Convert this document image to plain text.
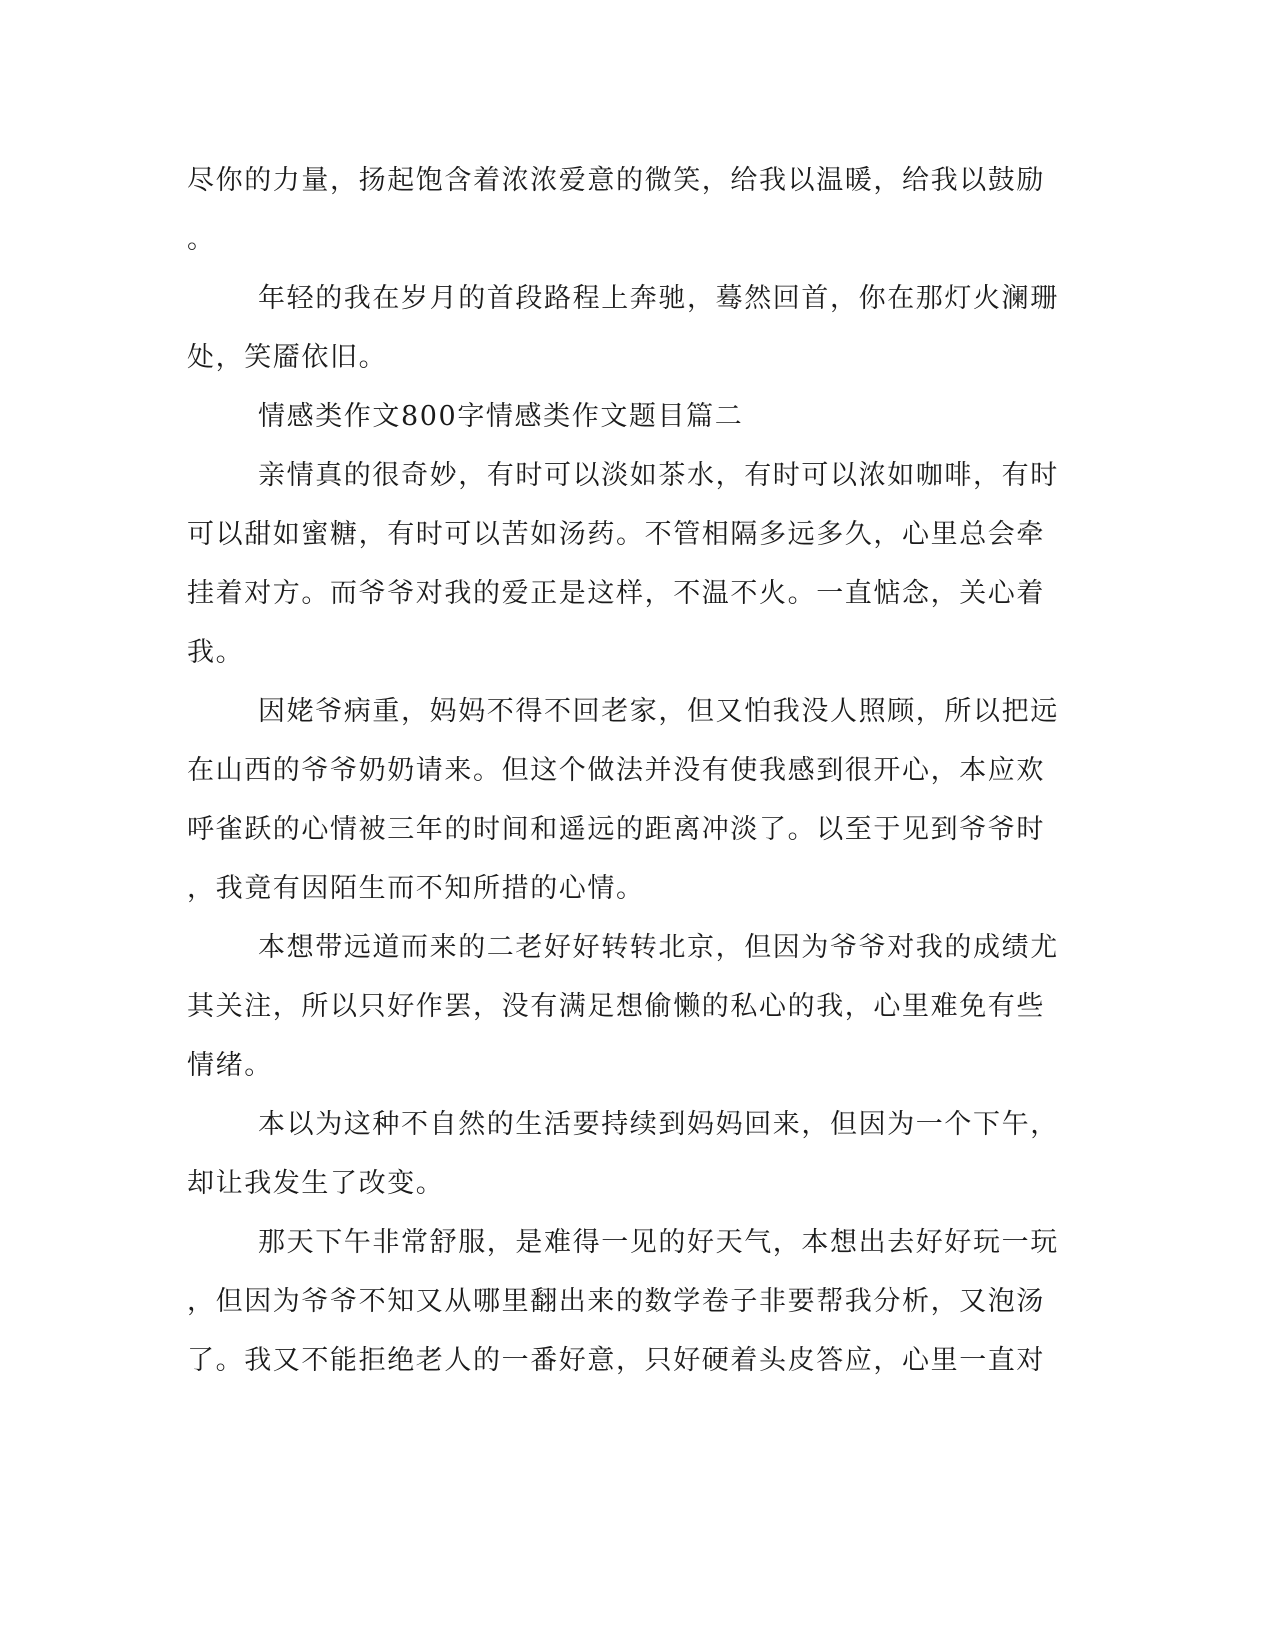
尽你的力量，扬起饱含着浓浓爱意的微笑，给我以温暖，给我以鼓励
。
年轻的我在岁月的首段路程上奔驰，蓦然回首，你在那灯火澜珊
处，笑靥依旧。
情感类作文800字情感类作文题目篇二
亲情真的很奇妙，有时可以淡如茶水，有时可以浓如咖啡，有时
可以甜如蜜糖，有时可以苦如汤药。不管相隔多远多久，心里总会牵
挂着对方。而爷爷对我的爱正是这样，不温不火。一直惦念，关心着
我。
因姥爷病重，妈妈不得不回老家，但又怕我没人照顾，所以把远
在山西的爷爷奶奶请来。但这个做法并没有使我感到很开心，本应欢
呼雀跃的心情被三年的时间和遥远的距离冲淡了。以至于见到爷爷时
，我竟有因陌生而不知所措的心情。
本想带远道而来的二老好好转转北京，但因为爷爷对我的成绩尤
其关注，所以只好作罢，没有满足想偷懒的私心的我，心里难免有些
情绪。
本以为这种不自然的生活要持续到妈妈回来，但因为一个下午，
却让我发生了改变。
那天下午非常舒服，是难得一见的好天气，本想出去好好玩一玩
，但因为爷爷不知又从哪里翻出来的数学卷子非要帮我分析，又泡汤
了。我又不能拒绝老人的一番好意，只好硬着头皮答应，心里一直对
